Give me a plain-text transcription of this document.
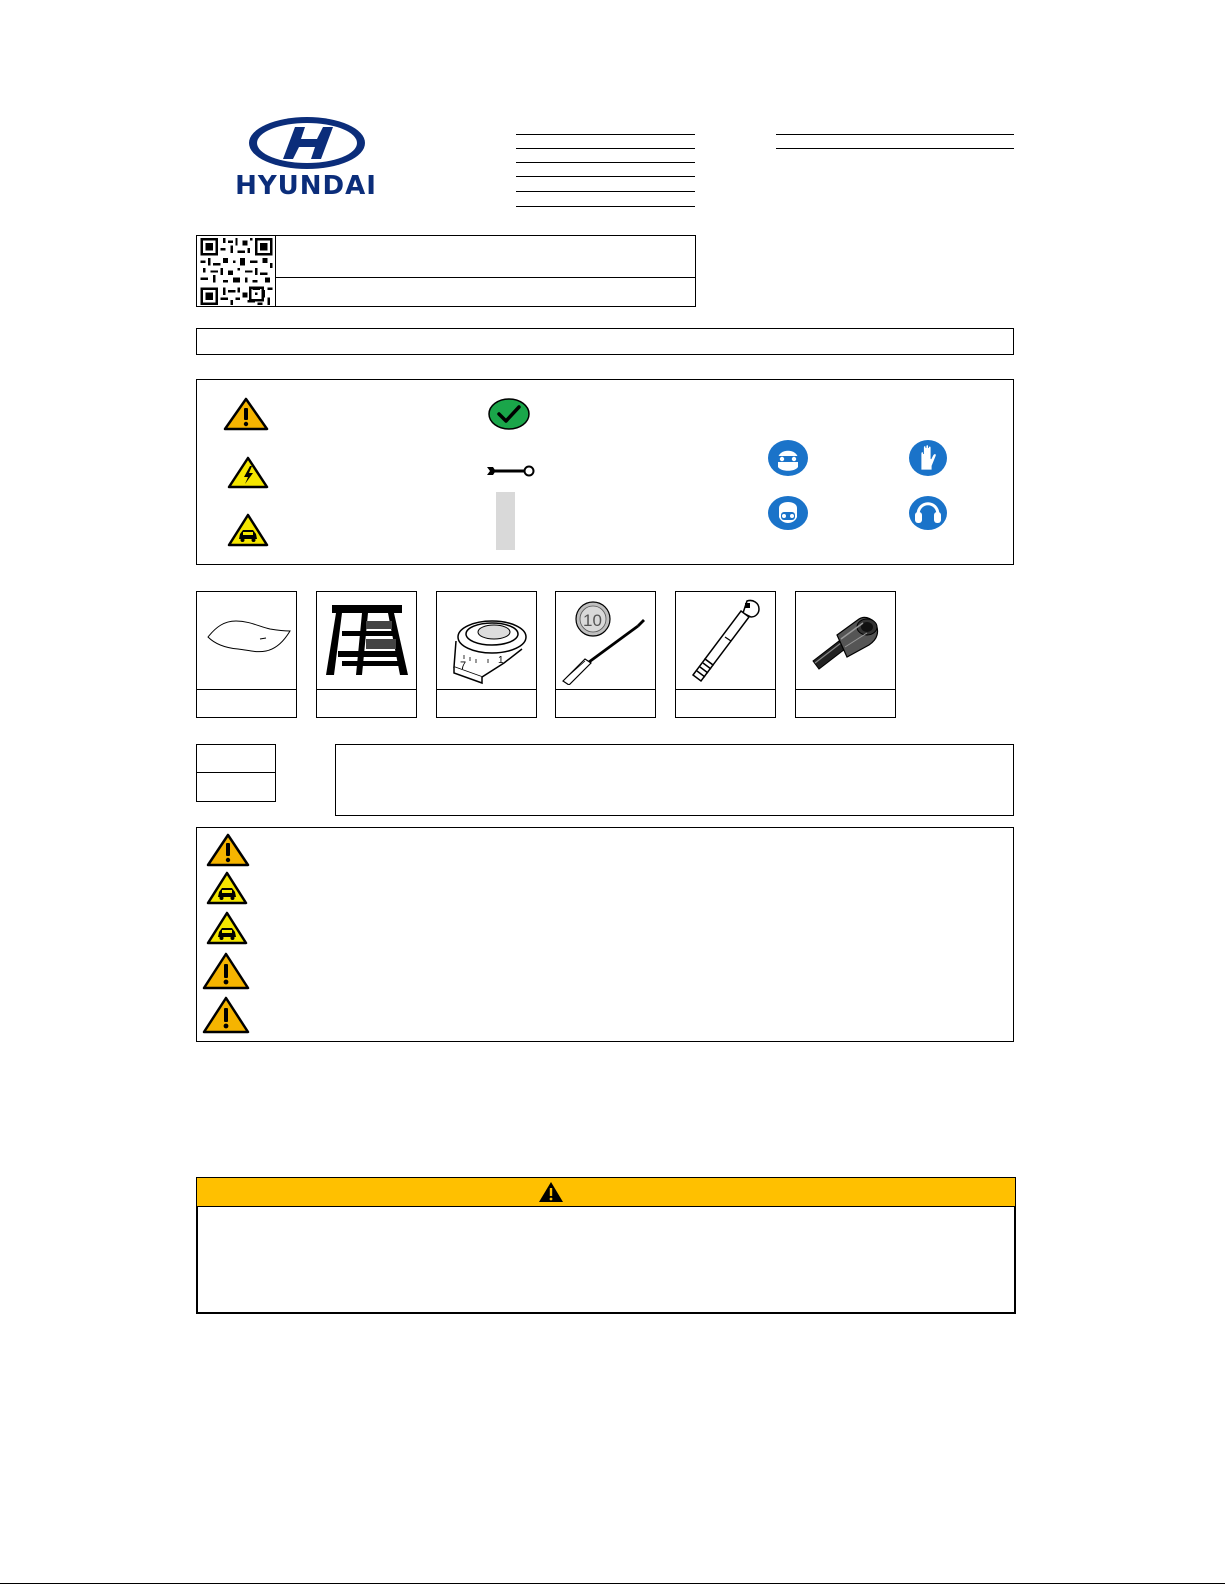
HYUNDAI
7	1
10
